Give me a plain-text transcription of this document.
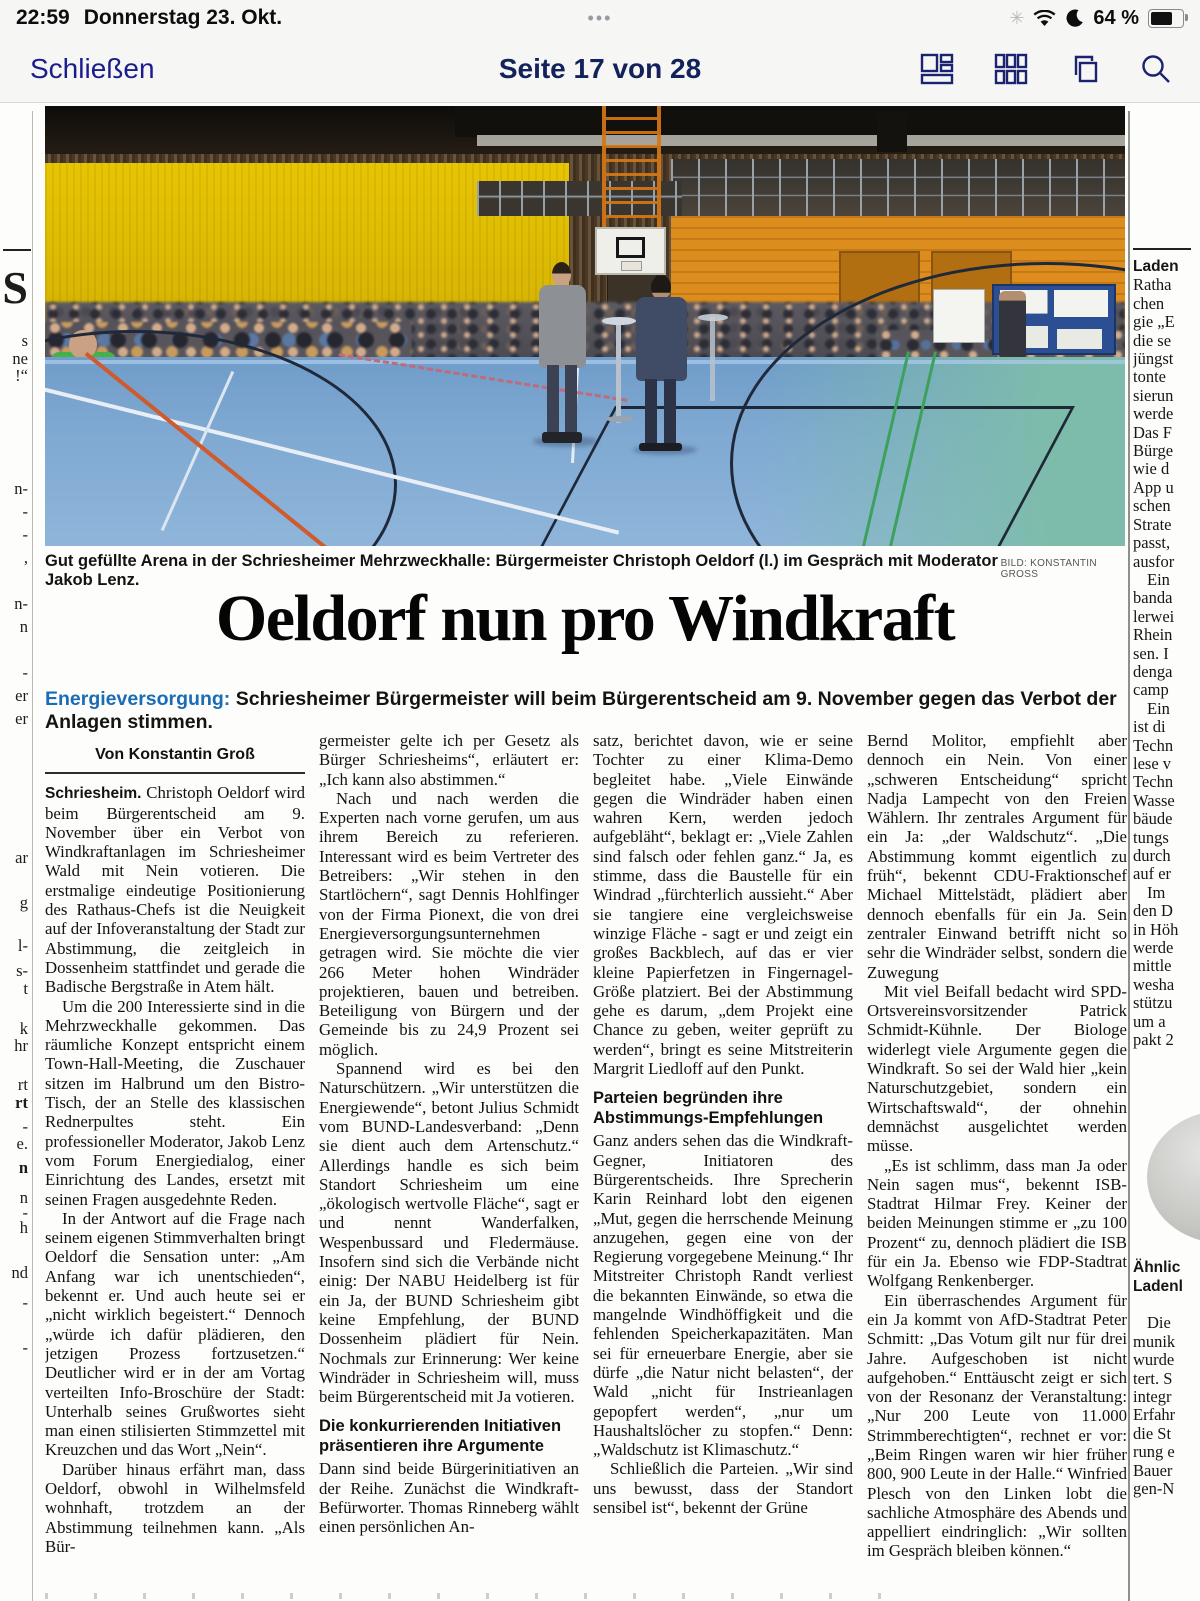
22:59 Donnerstag 23. Okt.	•••	✳	64 %
Schließen	Seite 17 von 28
S
s
ne
!“
n-
-
-
,
n-
n
-
er
er
ar
g
l-
s-
t
k
hr
rt
rt
-
e.
n
n
-
h
nd
-
-
Gut gefüllte Arena in der Schriesheimer Mehrzweckhalle: Bürgermeister Christoph Oeldorf (l.) im Gespräch mit Moderator Jakob Lenz.
BILD: KONSTANTIN GROSS
Oeldorf nun pro Windkraft
Energieversorgung: Schriesheimer Bürgermeister will beim Bürgerentscheid am 9. November gegen das Verbot der Anlagen stimmen.
Von Konstantin Groß

Schriesheim. Christoph Oeldorf wird beim Bürgerentscheid am 9. November über ein Verbot von Windkraftanlagen im Schriesheimer Wald mit Nein votieren. Die erstmalige eindeutige Positionierung des Rathaus-Chefs ist die Neuigkeit auf der Infoveranstaltung der Stadt zur Abstimmung, die zeitgleich in Dossenheim stattfindet und gerade die Badische Bergstraße in Atem hält.

Um die 200 Interessierte sind in die Mehrzweckhalle gekommen. Das räumliche Konzept entspricht einem Town-Hall-Meeting, die Zuschauer sitzen im Halbrund um den Bistro-Tisch, der an Stelle des klassischen Rednerpultes steht. Ein professioneller Moderator, Jakob Lenz vom Forum Energiedialog, einer Einrichtung des Landes, ersetzt mit seinen Fragen ausgedehnte Reden.

In der Antwort auf die Frage nach seinem eigenen Stimmverhalten bringt Oeldorf die Sensation unter: „Am Anfang war ich unentschieden“, bekennt er. Und auch heute sei er „nicht wirklich begeistert.“ Dennoch „würde ich dafür plädieren, den jetzigen Prozess fortzusetzen.“ Deutlicher wird er in der am Vortag verteilten Info-Broschüre der Stadt: Unterhalb seines Grußwortes sieht man einen stilisierten Stimmzettel mit Kreuzchen und das Wort „Nein“.

Darüber hinaus erfährt man, dass Oeldorf, obwohl in Wilhelmsfeld wohnhaft, trotzdem an der Abstimmung teilnehmen kann. „Als Bür-

germeister gelte ich per Gesetz als Bürger Schriesheims“, erläutert er: „Ich kann also abstimmen.“

Nach und nach werden die Experten nach vorne gerufen, um aus ihrem Bereich zu referieren. Interessant wird es beim Vertreter des Betreibers: „Wir stehen in den Startlöchern“, sagt Dennis Hohlfinger von der Firma Pionext, die von drei Energieversorgungsunternehmen getragen wird. Sie möchte die vier 266 Meter hohen Windräder projektieren, bauen und betreiben. Beteiligung von Bürgern und der Gemeinde bis zu 24,9 Prozent sei möglich.

Spannend wird es bei den Naturschützern. „Wir unterstützen die Energiewende“, betont Julius Schmidt vom BUND-Landesverband: „Denn sie dient auch dem Artenschutz.“ Allerdings handle es sich beim Standort Schriesheim um eine „ökologisch wertvolle Fläche“, sagt er und nennt Wanderfalken, Wespenbussard und Fledermäuse. Insofern sind sich die Verbände nicht einig: Der NABU Heidelberg ist für ein Ja, der BUND Schriesheim gibt keine Empfehlung, der BUND Dossenheim plädiert für Nein. Nochmals zur Erinnerung: Wer keine Windräder in Schriesheim will, muss beim Bürgerentscheid mit Ja votieren.

Die konkurrierenden Initiativen präsentieren ihre Argumente

Dann sind beide Bürgerinitiativen an der Reihe. Zunächst die Windkraft-Befürworter. Thomas Rinneberg wählt einen persönlichen An-

satz, berichtet davon, wie er seine Tochter zu einer Klima-Demo begleitet habe. „Viele Einwände gegen die Windräder haben einen wahren Kern, werden jedoch aufgebläht“, beklagt er: „Viele Zahlen sind falsch oder fehlen ganz.“ Ja, es stimme, dass die Baustelle für ein Windrad „fürchterlich aussieht.“ Aber sie tangiere eine vergleichsweise winzige Fläche - sagt er und zeigt ein großes Backblech, auf das er vier kleine Papierfetzen in Fingernagel-Größe platziert. Bei der Abstimmung gehe es darum, „dem Projekt eine Chance zu geben, weiter geprüft zu werden“, bringt es seine Mitstreiterin Margrit Liedloff auf den Punkt.

Parteien begründen ihre Abstimmungs-Empfehlungen

Ganz anders sehen das die Windkraft-Gegner, Initiatoren des Bürgerentscheids. Ihre Sprecherin Karin Reinhard lobt den eigenen „Mut, gegen die herrschende Meinung anzugehen, gegen eine von der Regierung vorgegebene Meinung.“ Ihr Mitstreiter Christoph Randt verliest die bekannten Einwände, so etwa die mangelnde Windhöffigkeit und die fehlenden Speicherkapazitäten. Man sei für erneuerbare Energie, aber sie dürfe „die Natur nicht belasten“, der Wald „nicht für Instrieanlagen gepopfert werden“, „nur um Haushaltslöcher zu stopfen.“ Denn: „Waldschutz ist Klimaschutz.“

Schließlich die Parteien. „Wir sind uns bewusst, dass der Standort sensibel ist“, bekennt der Grüne

Bernd Molitor, empfiehlt aber dennoch ein Nein. Von einer „schweren Entscheidung“ spricht Nadja Lampecht von den Freien Wählern. Ihr zentrales Argument für ein Ja: „der Waldschutz“. „Die Abstimmung kommt eigentlich zu früh“, bekennt CDU-Fraktionschef Michael Mittelstädt, plädiert aber dennoch ebenfalls für ein Ja. Sein zentraler Einwand betrifft nicht so sehr die Windräder selbst, sondern die Zuwegung

Mit viel Beifall bedacht wird SPD-Ortsvereinsvorsitzender Patrick Schmidt-Kühnle. Der Biologe widerlegt viele Argumente gegen die Windkraft. So sei der Wald hier „kein Naturschutzgebiet, sondern ein Wirtschaftswald“, der ohnehin demnächst ausgelichtet werden müsse.

„Es ist schlimm, dass man Ja oder Nein sagen mus“, bekennt ISB-Stadtrat Hilmar Frey. Keiner der beiden Meinungen stimme er „zu 100 Prozent“ zu, dennoch plädiert die ISB für ein Ja. Ebenso wie FDP-Stadtrat Wolfgang Renkenberger.

Ein überraschendes Argument für ein Ja kommt von AfD-Stadtrat Peter Schmitt: „Das Votum gilt nur für drei Jahre. Aufgeschoben ist nicht aufgehoben.“ Enttäuscht zeigt er sich von der Resonanz der Veranstaltung: „Nur 200 Leute von 11.000 Strimmberechtigten“, rechnet er vor: „Beim Ringen waren wir hier früher 800, 900 Leute in der Halle.“ Winfried Plesch von den Linken lobt die sachliche Atmosphäre des Abends und appelliert eindringlich: „Wir sollten im Gespräch bleiben können.“

Laden
Ratha
chen
gie „E
die se
jüngst
tonte
sierun
werde
Das F
Bürge
wie d
App u
schen
Strate
passt,
ausfor
Ein
banda
lerwei
Rhein
sen. I
denga
camp
Ein
ist di
Techn
lese v
Techn
Wasse
bäude
tungs
durch
auf er
Im
den D
in Höh
werde
mittle
wesha
stützu
um a
pakt 2
Ähnlic
Ladenl
Die
munik
wurde
tert. S
integr
Erfahr
die St
rung e
Bauer
gen-N
